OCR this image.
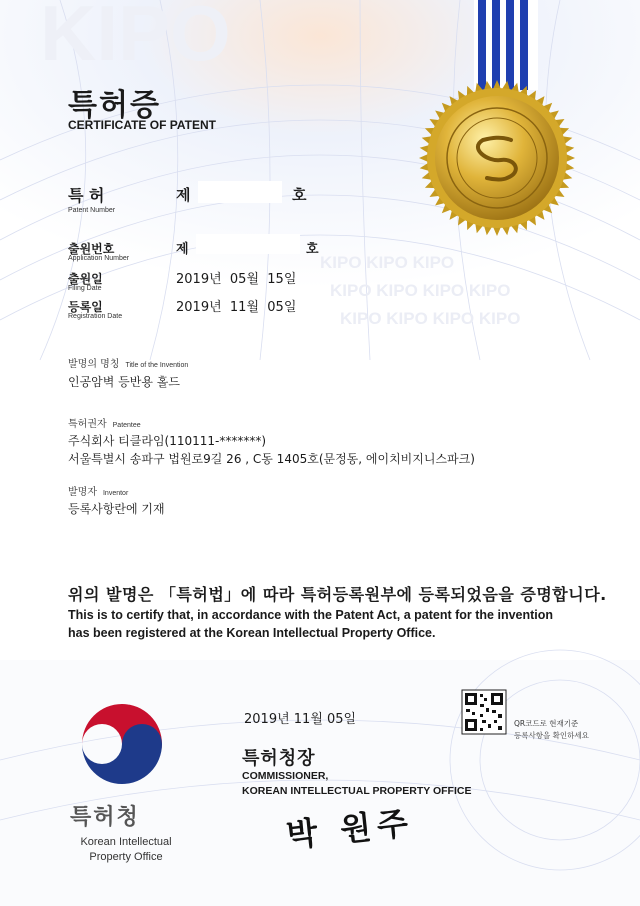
KIPO
KIPO KIPO KIPO
KIPO KIPO KIPO KIPO
KIPO KIPO KIPO KIPO
특허증
CERTIFICATE OF PATENT
특 허
Patent Number
제	호
출원번호
Application Number
제	호
출원일
Filing Date
2019년  05월  15일
등록일
Registration Date
2019년  11월  05일
발명의 명칭 Title of the Invention
인공암벽 등반용 홀드
특허권자 Patentee
주식회사 티클라임(110111-*******)
서울특별시 송파구 법원로9길 26 , C동 1405호(문정동, 에이치비지니스파크)
발명자 Inventor
등록사항란에 기재
위의 발명은 「특허법」에 따라 특허등록원부에 등록되었음을 증명합니다.
This is to certify that, in accordance with the Patent Act, a patent for the invention
has been registered at the Korean Intellectual Property Office.
2019년 11월 05일	QR코드로 현재기준
등록사항을 확인하세요
특허청장
COMMISSIONER,
KOREAN INTELLECTUAL PROPERTY OFFICE
박 원주
특허청
Korean Intellectual
Property Office
